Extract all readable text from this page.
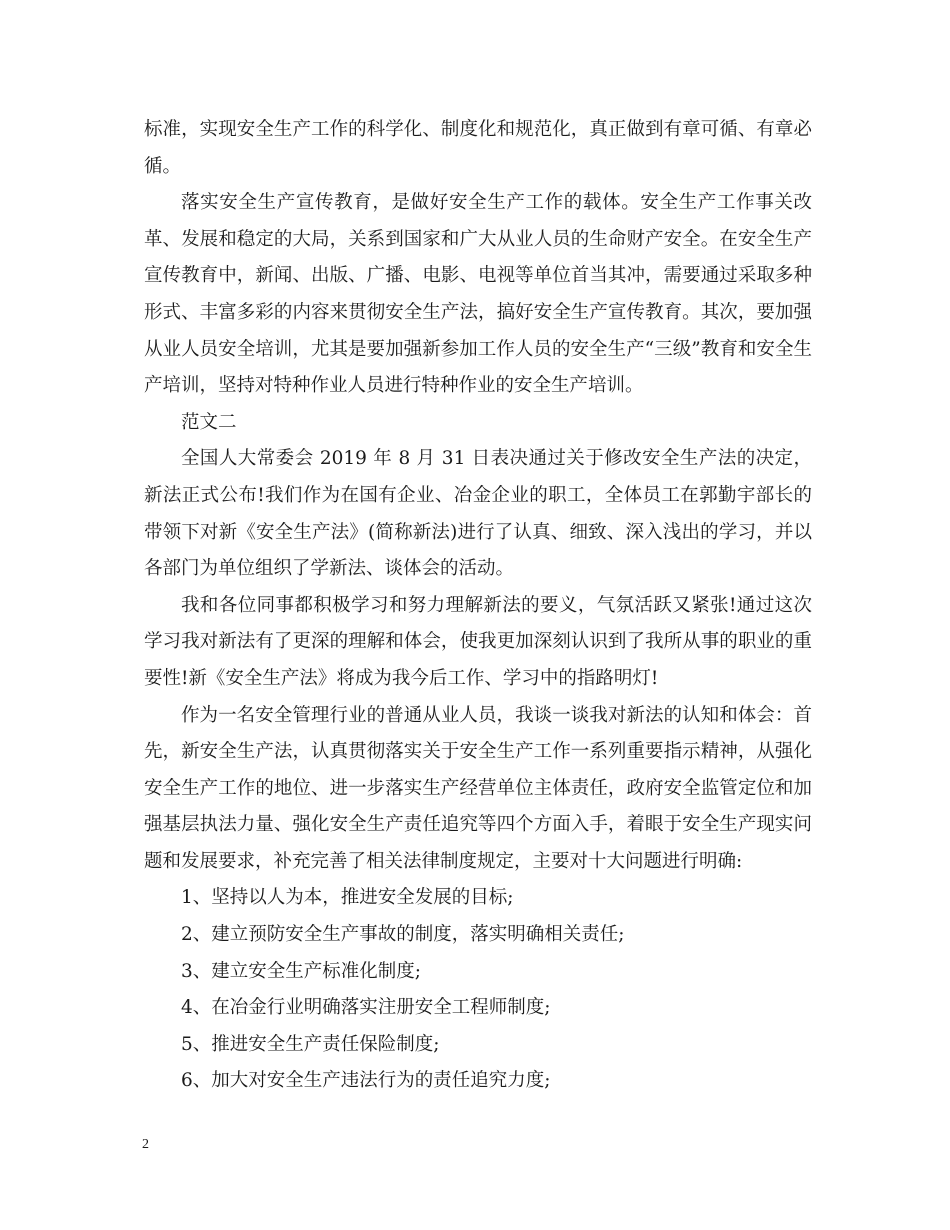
标准，实现安全生产工作的科学化、制度化和规范化，真正做到有章可循、有章必循。

落实安全生产宣传教育，是做好安全生产工作的载体。安全生产工作事关改革、发展和稳定的大局，关系到国家和广大从业人员的生命财产安全。在安全生产宣传教育中，新闻、出版、广播、电影、电视等单位首当其冲，需要通过采取多种形式、丰富多彩的内容来贯彻安全生产法，搞好安全生产宣传教育。其次，要加强从业人员安全培训，尤其是要加强新参加工作人员的安全生产“三级”教育和安全生产培训，坚持对特种作业人员进行特种作业的安全生产培训。

范文二

全国人大常委会 2019 年 8 月 31 日表决通过关于修改安全生产法的决定，新法正式公布!我们作为在国有企业、冶金企业的职工，全体员工在郭勤宇部长的带领下对新《安全生产法》(简称新法)进行了认真、细致、深入浅出的学习，并以各部门为单位组织了学新法、谈体会的活动。

我和各位同事都积极学习和努力理解新法的要义，气氛活跃又紧张!通过这次学习我对新法有了更深的理解和体会，使我更加深刻认识到了我所从事的职业的重要性!新《安全生产法》将成为我今后工作、学习中的指路明灯!

作为一名安全管理行业的普通从业人员，我谈一谈我对新法的认知和体会：首先，新安全生产法，认真贯彻落实关于安全生产工作一系列重要指示精神，从强化安全生产工作的地位、进一步落实生产经营单位主体责任，政府安全监管定位和加强基层执法力量、强化安全生产责任追究等四个方面入手，着眼于安全生产现实问题和发展要求，补充完善了相关法律制度规定，主要对十大问题进行明确:

1、坚持以人为本，推进安全发展的目标;

2、建立预防安全生产事故的制度，落实明确相关责任;

3、建立安全生产标准化制度;

4、在冶金行业明确落实注册安全工程师制度;

5、推进安全生产责任保险制度;

6、加大对安全生产违法行为的责任追究力度;

2
